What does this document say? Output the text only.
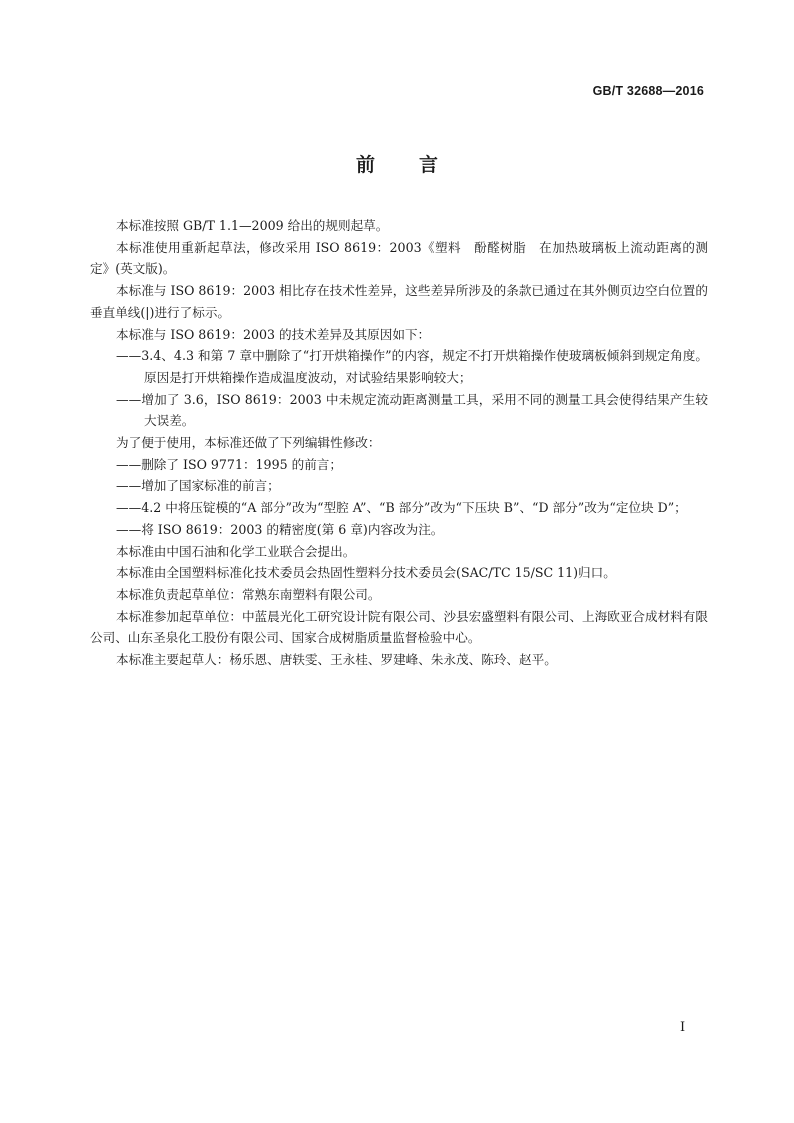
GB/T 32688—2016
前言

本标准按照 GB/T 1.1—2009 给出的规则起草。

本标准使用重新起草法，修改采用 ISO 8619：2003《塑料　酚醛树脂　在加热玻璃板上流动距离的测定》(英文版)。

本标准与 ISO 8619：2003 相比存在技术性差异，这些差异所涉及的条款已通过在其外侧页边空白位置的垂直单线(|)进行了标示。

本标准与 ISO 8619：2003 的技术差异及其原因如下：

——3.4、4.3 和第 7 章中删除了“打开烘箱操作”的内容，规定不打开烘箱操作使玻璃板倾斜到规定角度。原因是打开烘箱操作造成温度波动，对试验结果影响较大；

——增加了 3.6，ISO 8619：2003 中未规定流动距离测量工具，采用不同的测量工具会使得结果产生较大误差。

为了便于使用，本标准还做了下列编辑性修改：

——删除了 ISO 9771：1995 的前言；

——增加了国家标准的前言；

——4.2 中将压锭模的“A 部分”改为“型腔 A”、“B 部分”改为“下压块 B”、“D 部分”改为“定位块 D”；

——将 ISO 8619：2003 的精密度(第 6 章)内容改为注。

本标准由中国石油和化学工业联合会提出。

本标准由全国塑料标准化技术委员会热固性塑料分技术委员会(SAC/TC 15/SC 11)归口。

本标准负责起草单位：常熟东南塑料有限公司。

本标准参加起草单位：中蓝晨光化工研究设计院有限公司、沙县宏盛塑料有限公司、上海欧亚合成材料有限公司、山东圣泉化工股份有限公司、国家合成树脂质量监督检验中心。

本标准主要起草人：杨乐恩、唐轶雯、王永桂、罗建峰、朱永茂、陈玲、赵平。

I
